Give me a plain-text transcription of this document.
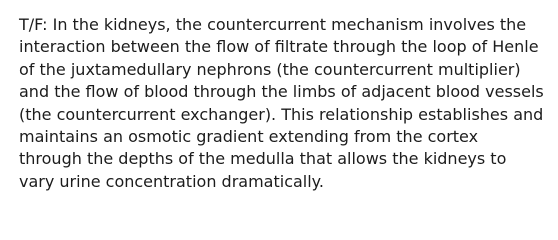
T/F: In the kidneys, the countercurrent mechanism involves the
interaction between the flow of filtrate through the loop of Henle
of the juxtamedullary nephrons (the countercurrent multiplier)
and the flow of blood through the limbs of adjacent blood vessels
(the countercurrent exchanger). This relationship establishes and
maintains an osmotic gradient extending from the cortex
through the depths of the medulla that allows the kidneys to
vary urine concentration dramatically.
